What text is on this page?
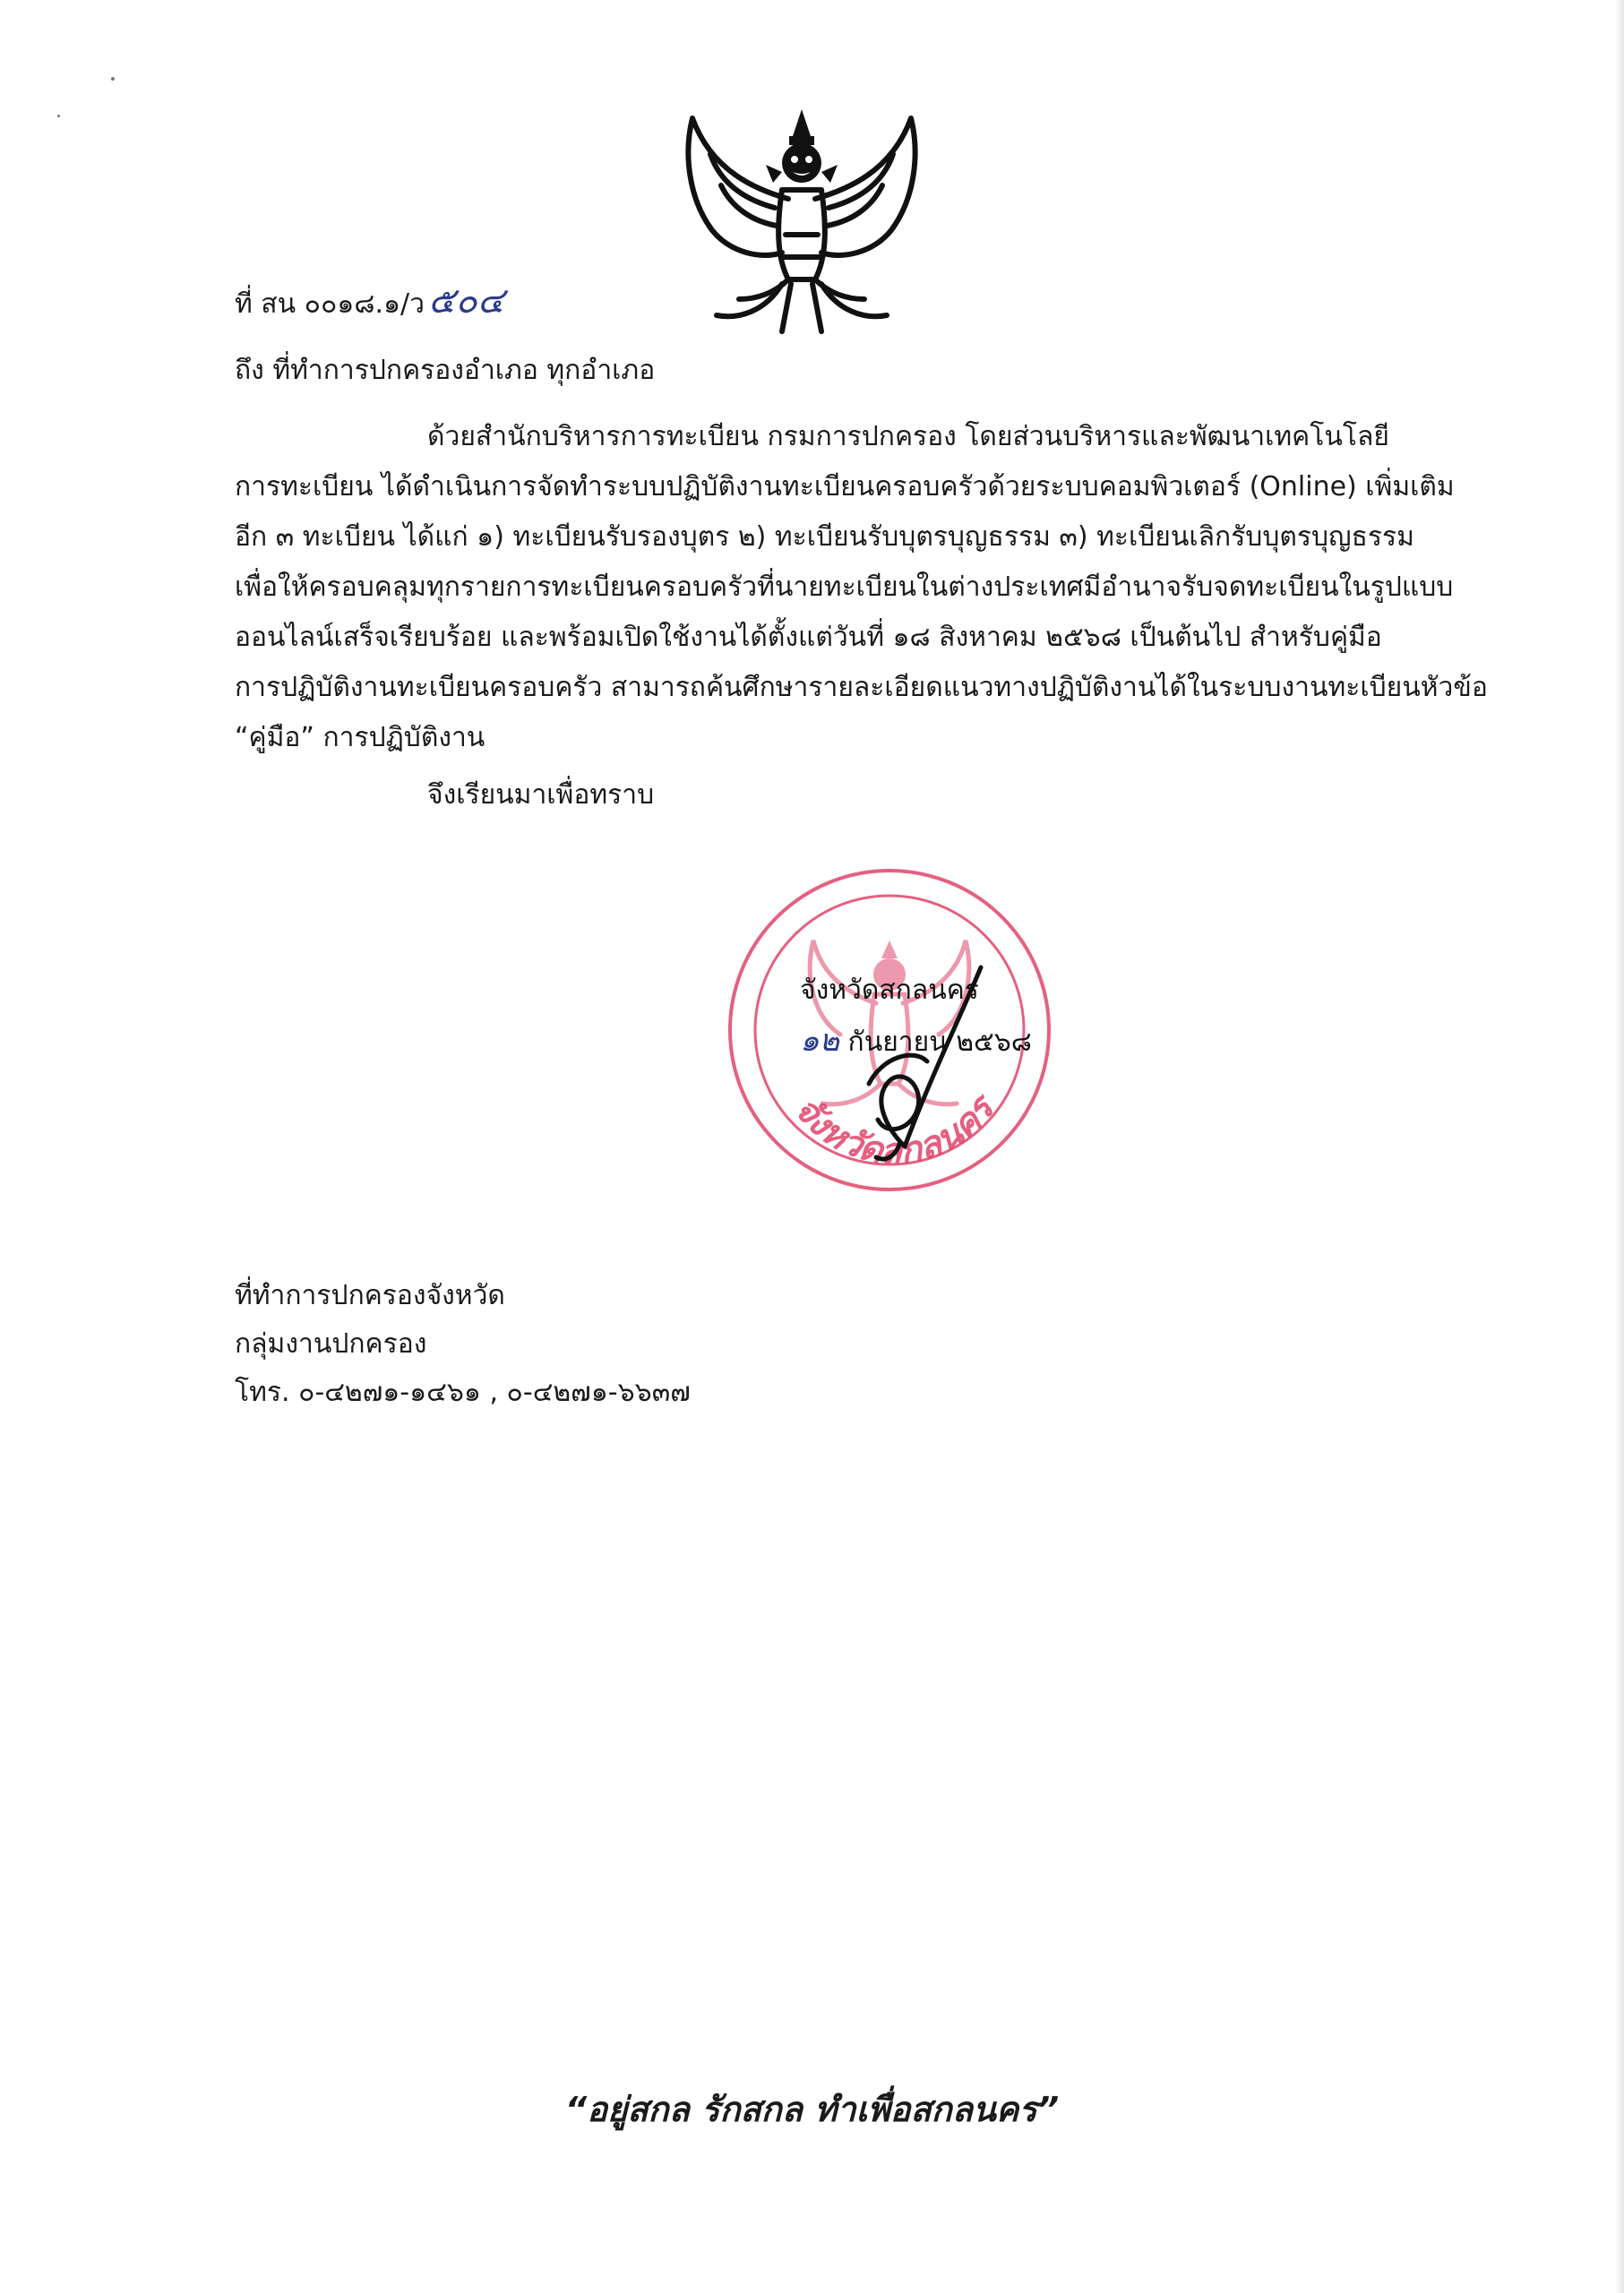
ที่ สน ๐๐๑๘.๑/ว ๕๐๔
ถึง ที่ทำการปกครองอำเภอ ทุกอำเภอ
ด้วยสำนักบริหารการทะเบียน กรมการปกครอง โดยส่วนบริหารและพัฒนาเทคโนโลยี
การทะเบียน ได้ดำเนินการจัดทำระบบปฏิบัติงานทะเบียนครอบครัวด้วยระบบคอมพิวเตอร์ (Online) เพิ่มเติม
อีก ๓ ทะเบียน ได้แก่ ๑) ทะเบียนรับรองบุตร ๒) ทะเบียนรับบุตรบุญธรรม ๓) ทะเบียนเลิกรับบุตรบุญธรรม
เพื่อให้ครอบคลุมทุกรายการทะเบียนครอบครัวที่นายทะเบียนในต่างประเทศมีอำนาจรับจดทะเบียนในรูปแบบ
ออนไลน์เสร็จเรียบร้อย และพร้อมเปิดใช้งานได้ตั้งแต่วันที่ ๑๘ สิงหาคม ๒๕๖๘ เป็นต้นไป สำหรับคู่มือ
การปฏิบัติงานทะเบียนครอบครัว สามารถค้นศึกษารายละเอียดแนวทางปฏิบัติงานได้ในระบบงานทะเบียนหัวข้อ
“คู่มือ” การปฏิบัติงาน
จึงเรียนมาเพื่อทราบ
จังหวัดสกลนคร
จังหวัดสกลนคร
๑๒ กันยายน ๒๕๖๘
ที่ทำการปกครองจังหวัด
กลุ่มงานปกครอง
โทร. ๐-๔๒๗๑-๑๔๖๑ , ๐-๔๒๗๑-๖๖๓๗
“อยู่สกล รักสกล ทำเพื่อสกลนคร”
